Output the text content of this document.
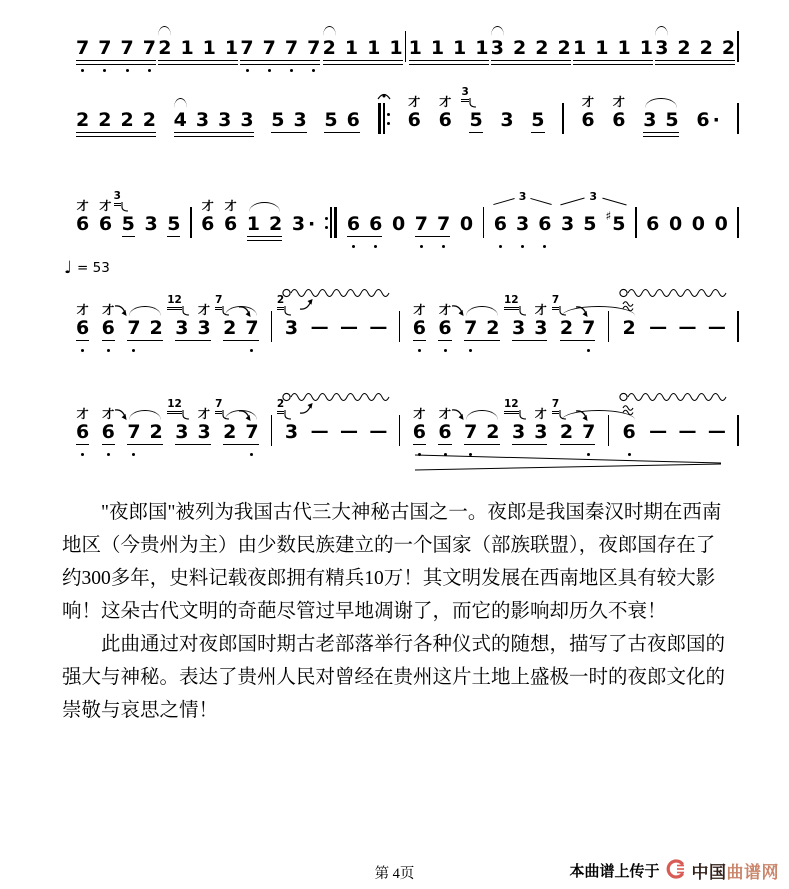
7 7 7 7 2 1 1 1 7 7 7 7 2 1 1 1 1 1 1 1 3 2 2 2 1 1 1 1 3 2 2 2
2 2 2 2 4 3 3 3 5 3 5 6
才
6
才
6
3
5 3 5
才
6
才
6 3 5 6 ·
才
6
才
6
3
5 3 5
才
6
才
6 1 2 3 · 6 6 0 7 7 0 6 3 6
3
3 5 ♯ 5
3
6 0 0 0
♩ = 53
才
6
才
6 7 2
12
3
才
3
7
2 7
2
3 — — —
才
6
才
6 7 2
12
3
才
3
7
2 7 2 — — —
才
6
才
6 7 2
12
3
才
3
7
2 7
2
3 — — —
才
6
才
6 7 2
12
3
才
3
7
2 7 6 — — —
"夜郎国"被列为我国古代三大神秘古国之一。夜郎是我国秦汉时期在西南
地区（今贵州为主）由少数民族建立的一个国家（部族联盟），夜郎国存在了
约300多年，史料记载夜郎拥有精兵10万！其文明发展在西南地区具有较大影
响！这朵古代文明的奇葩尽管过早地凋谢了，而它的影响却历久不衰！
此曲通过对夜郎国时期古老部落举行各种仪式的随想，描写了古夜郎国的
强大与神秘。表达了贵州人民对曾经在贵州这片土地上盛极一时的夜郎文化的
崇敬与哀思之情！
第 4页	本曲谱上传于 中国 曲谱网
